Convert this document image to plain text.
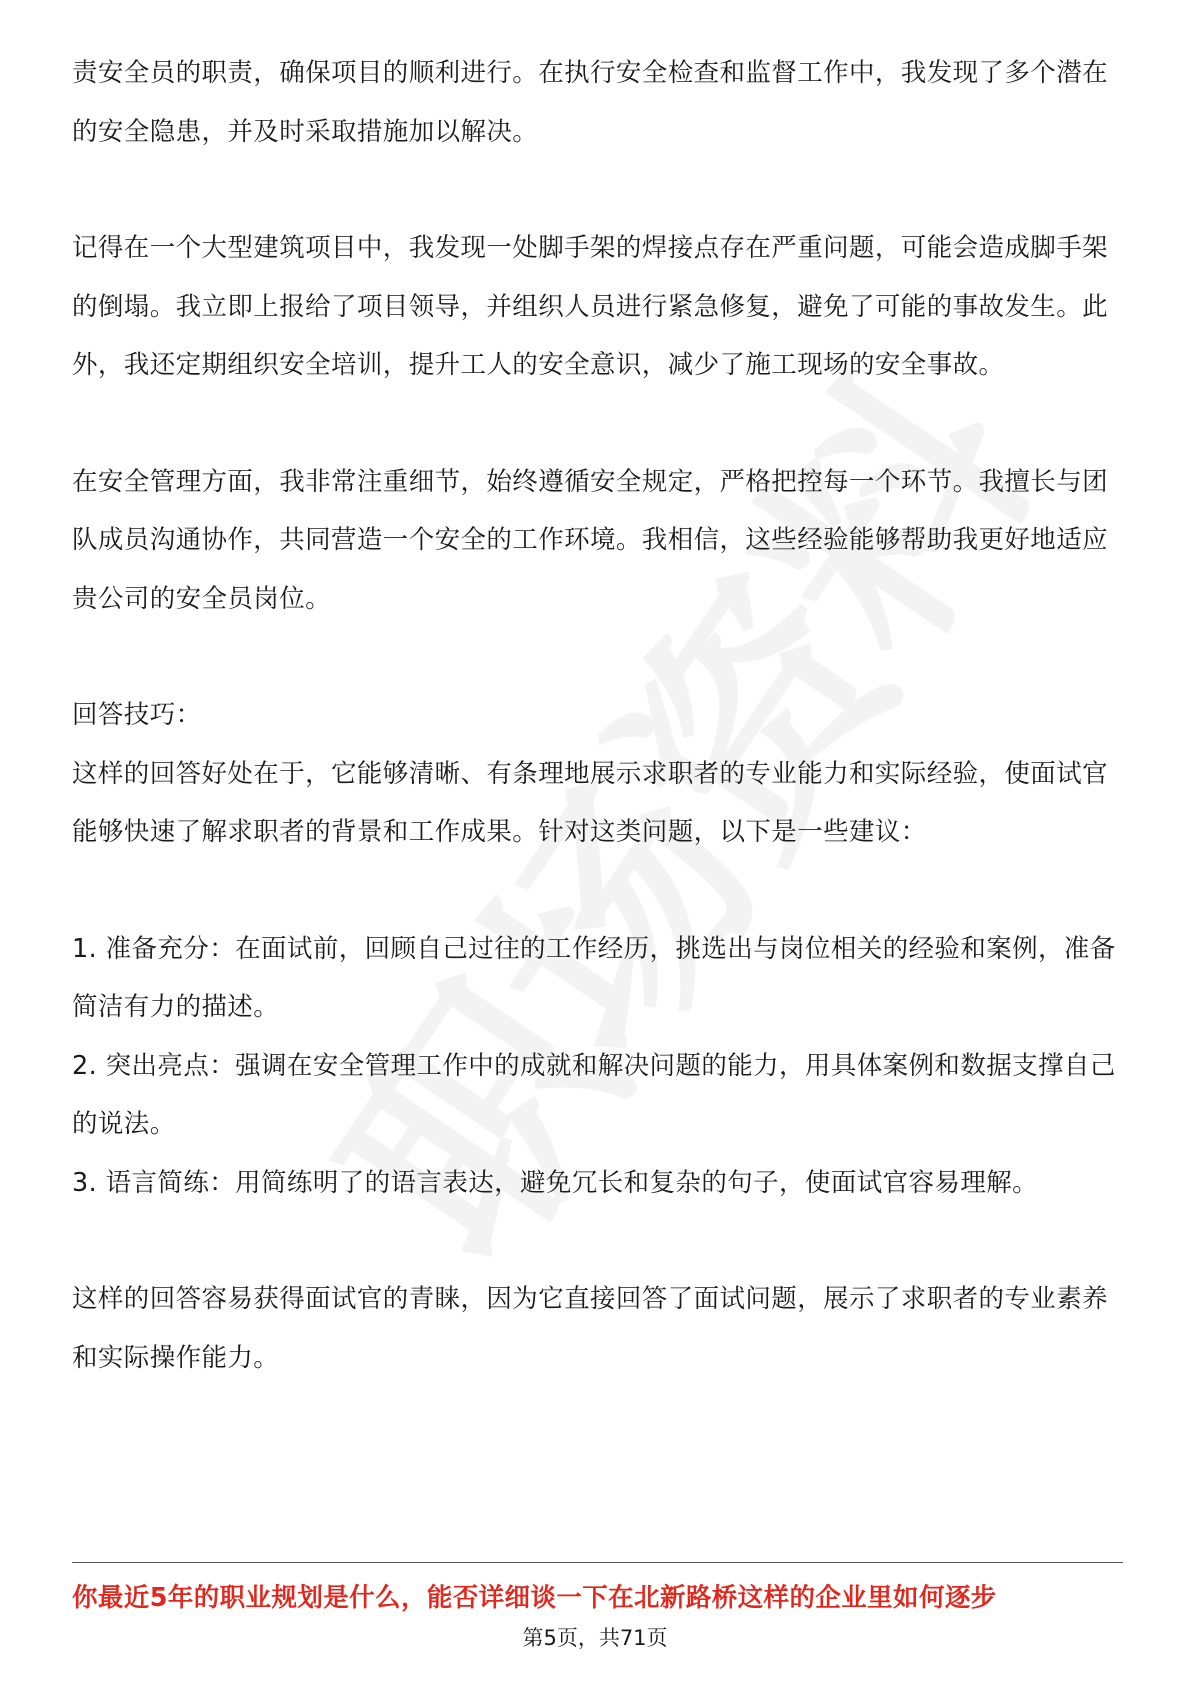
责安全员的职责，确保项目的顺利进行。在执行安全检查和监督工作中，我发现了多个潜在的安全隐患，并及时采取措施加以解决。

记得在一个大型建筑项目中，我发现一处脚手架的焊接点存在严重问题，可能会造成脚手架的倒塌。我立即上报给了项目领导，并组织人员进行紧急修复，避免了可能的事故发生。此外，我还定期组织安全培训，提升工人的安全意识，减少了施工现场的安全事故。

在安全管理方面，我非常注重细节，始终遵循安全规定，严格把控每一个环节。我擅长与团队成员沟通协作，共同营造一个安全的工作环境。我相信，这些经验能够帮助我更好地适应贵公司的安全员岗位。

回答技巧：

这样的回答好处在于，它能够清晰、有条理地展示求职者的专业能力和实际经验，使面试官能够快速了解求职者的背景和工作成果。针对这类问题，以下是一些建议：

1. 准备充分：在面试前，回顾自己过往的工作经历，挑选出与岗位相关的经验和案例，准备简洁有力的描述。

2. 突出亮点：强调在安全管理工作中的成就和解决问题的能力，用具体案例和数据支撑自己的说法。

3. 语言简练：用简练明了的语言表达，避免冗长和复杂的句子，使面试官容易理解。

这样的回答容易获得面试官的青睐，因为它直接回答了面试问题，展示了求职者的专业素养和实际操作能力。

你最近5年的职业规划是什么，能否详细谈一下在北新路桥这样的企业里如何逐步
第5页，共71页
